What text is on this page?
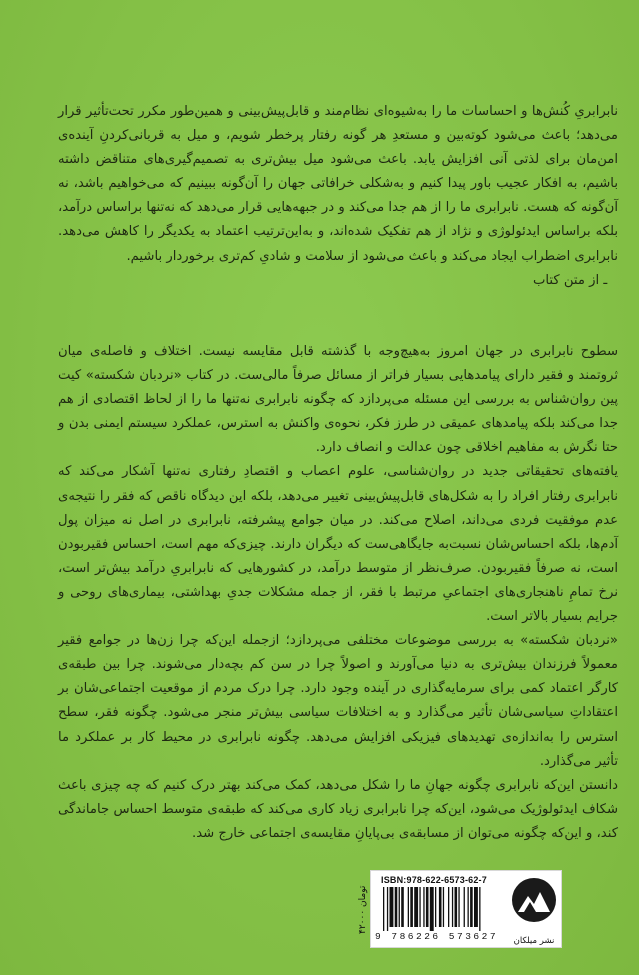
نابرابریِ کُنش‌ها و احساسات ما را به‌شیوه‌ای نظام‌مند و قابل‌پیش‌بینی و همین‌طور مکرر تحت‌تأثیر قرار می‌دهد؛ باعث می‌شود کوته‌بین و مستعدِ هر گونه رفتار پرخطر شویم، و میل به قربانی‌کردنِ آینده‌ی امن‌مان برای لذتی آنی افزایش یابد. باعث می‌شود میل بیش‌تری به تصمیم‌گیری‌های متناقض داشته باشیم، به افکار عجیب باور پیدا کنیم و به‌شکلی خرافاتی جهان را آن‌گونه ببینیم که می‌خواهیم باشد، نه آن‌گونه که هست. نابرابری ما را از هم جدا می‌کند و در جبهه‌هایی قرار می‌دهد که نه‌تنها براساس درآمد، بلکه براساس ایدئولوژی و نژاد از هم تفکیک شده‌اند، و به‌این‌ترتیب اعتماد به یکدیگر را کاهش می‌دهد. نابرابری اضطراب ایجاد می‌کند و باعث می‌شود از سلامت و شادیِ کم‌تری برخوردار باشیم.

ـ از متن کتاب

سطوح نابرابری در جهان امروز به‌هیچ‌وجه با گذشته قابل مقایسه نیست. اختلاف و فاصله‌ی میان ثروتمند و فقیر دارای پیامدهایی بسیار فراتر از مسائل صرفاً مالی‌ست. در کتاب «نردبان شکسته» کیت پین روان‌شناس به بررسی این مسئله می‌پردازد که چگونه نابرابری نه‌تنها ما را از لحاظ اقتصادی از هم جدا می‌کند بلکه پیامدهای عمیقی در طرز فکر، نحوه‌ی واکنش به استرس، عملکرد سیستم ایمنی بدن و حتا نگرش به مفاهیم اخلاقی چون عدالت و انصاف دارد.

یافته‌های تحقیقاتی جدید در روان‌شناسی، علوم اعصاب و اقتصادِ رفتاری نه‌تنها آشکار می‌کند که نابرابری رفتار افراد را به شکل‌های قابل‌پیش‌بینی تغییر می‌دهد، بلکه این دیدگاه ناقص که فقر را نتیجه‌ی عدم موفقیت فردی می‌داند، اصلاح می‌کند. در میان جوامع پیشرفته، نابرابری در اصل نه میزان پول آدم‌ها، بلکه احساس‌شان نسبت‌به جایگاهی‌ست که دیگران دارند. چیزی‌که مهم است، احساس فقیربودن است، نه صرفاً فقیربودن. صرف‌نظر از متوسط درآمد، در کشورهایی که نابرابریِ درآمد بیش‌تر است، نرخ تمامِ ناهنجاری‌های اجتماعیِ مرتبط با فقر، از جمله مشکلات جدیِ بهداشتی، بیماری‌های روحی و جرایم بسیار بالاتر است.

«نردبان شکسته» به بررسی موضوعات مختلفی می‌پردازد؛ از‌جمله این‌که چرا زن‌ها در جوامع فقیر معمولاً فرزندان بیش‌تری به دنیا می‌آورند و اصولاً چرا در سن کم بچه‌دار می‌شوند. چرا بین طبقه‌ی کارگر اعتماد کمی برای سرمایه‌گذاری در آینده وجود دارد. چرا درک مردم از موقعیت اجتماعی‌شان بر اعتقاداتِ سیاسی‌شان تأثیر می‌گذارد و به اختلافات سیاسی بیش‌تر منجر می‌شود. چگونه فقر، سطح استرس را به‌اندازه‌ی تهدیدهای فیزیکی افزایش می‌دهد. چگونه نابرابری در محیط کار بر عملکرد ما تأثیر می‌گذارد.

دانستن این‌که نابرابری چگونه جهانِ ما را شکل می‌دهد، کمک می‌کند بهتر درک کنیم که چه چیزی باعث شکاف ایدئولوژیک می‌شود، این‌که چرا نابرابری زیاد کاری می‌کند که طبقه‌ی متوسط احساس جاماندگی کند، و این‌که چگونه می‌توان از مسابقه‌ی بی‌پایانِ مقایسه‌ی اجتماعی خارج شد.

۴۲۰۰۰ تومان
ISBN:978-622-6573-62-7
9 786226 573627	نشر میلکان
